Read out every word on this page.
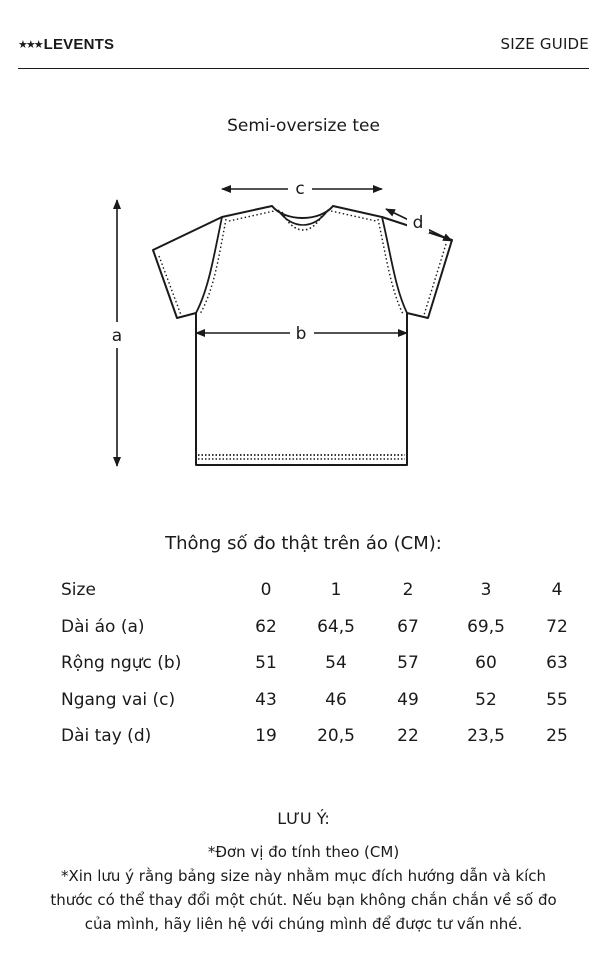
★★★ LEVENTS	SIZE GUIDE
Semi-oversize tee
a	b
c
d
Thông số đo thật trên áo (CM):
Size	0	1	2	3	4
Dài áo (a)	62	64,5	67	69,5	72
Rộng ngực (b)	51	54	57	60	63
Ngang vai (c)	43	46	49	52	55
Dài tay (d)	19	20,5	22	23,5	25
LƯU Ý:
*Đơn vị đo tính theo (CM)
*Xin lưu ý rằng bảng size này nhằm mục đích hướng dẫn và kích
thước có thể thay đổi một chút. Nếu bạn không chắn chắn về số đo
của mình, hãy liên hệ với chúng mình để được tư vấn nhé.
